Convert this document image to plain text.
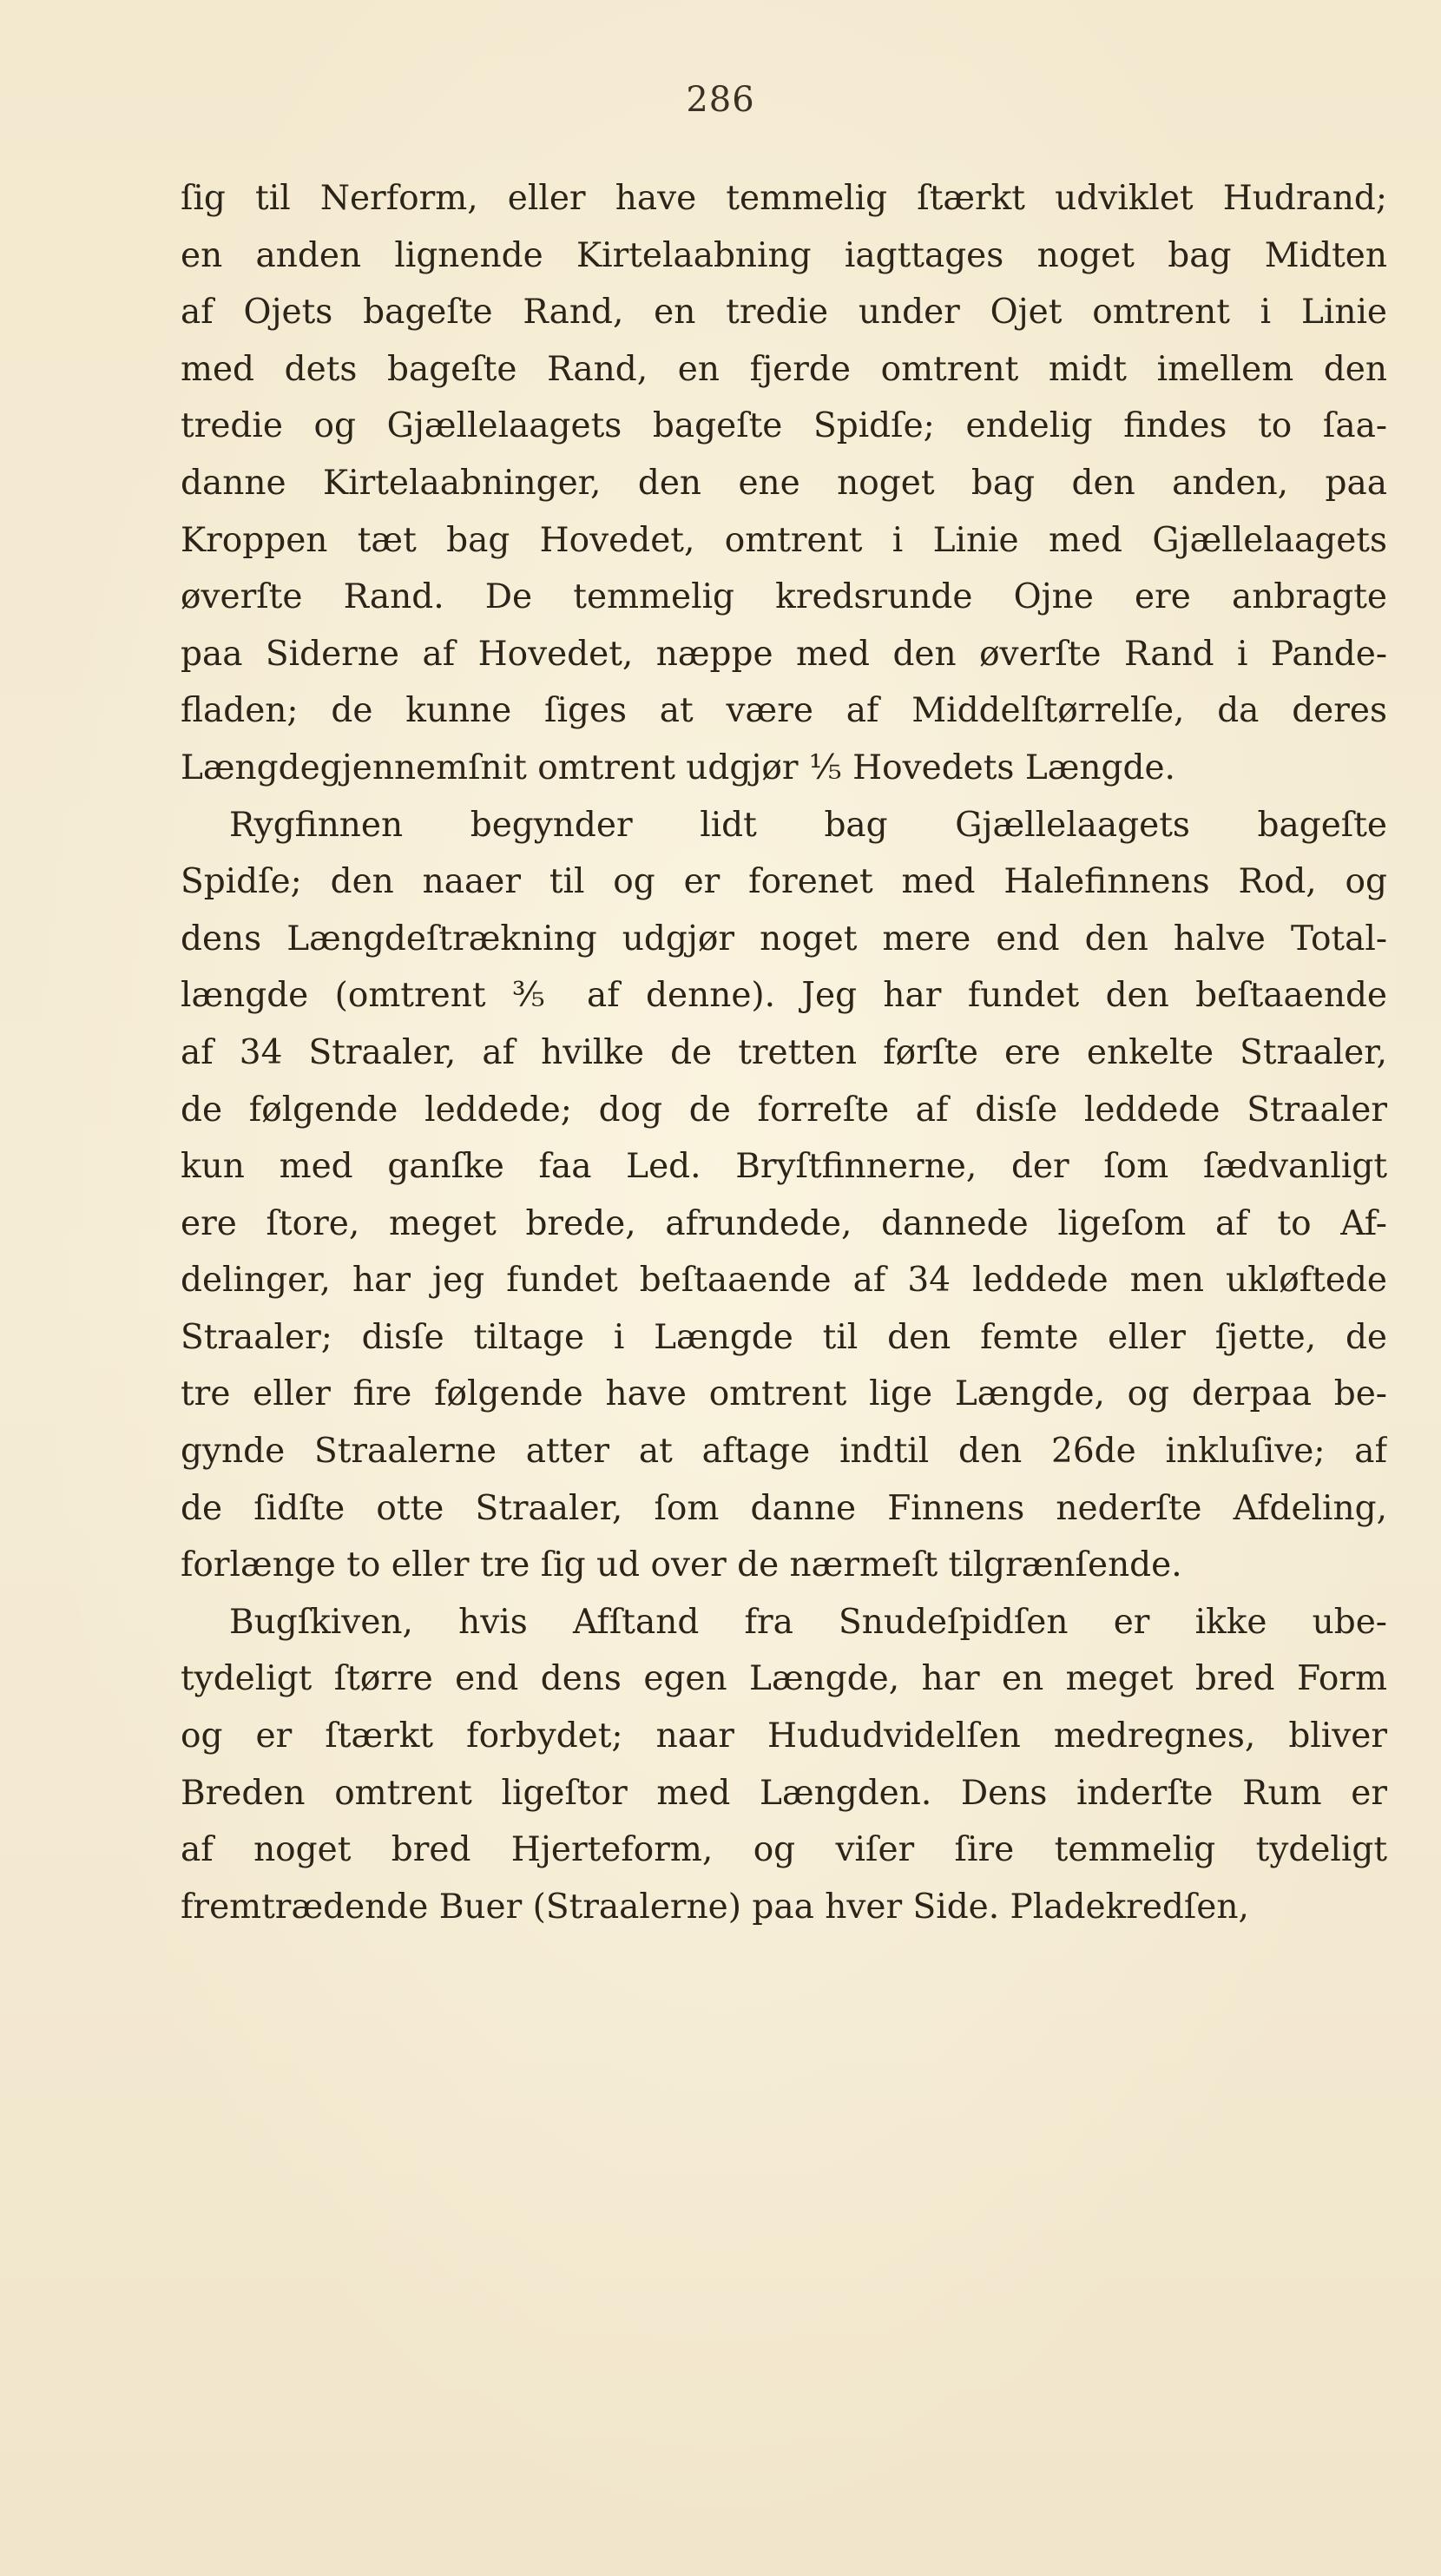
286
ſig til Nerform, eller have temmelig ſtærkt udviklet Hudrand;
en anden lignende Kirtelaabning iagttages noget bag Midten
af Ojets bageſte Rand, en tredie under Ojet omtrent i Linie
med dets bageſte Rand, en fjerde omtrent midt imellem den
tredie og Gjællelaagets bageſte Spidſe; endelig findes to ſaa-
danne Kirtelaabninger, den ene noget bag den anden, paa
Kroppen tæt bag Hovedet, omtrent i Linie med Gjællelaagets
øverſte Rand. De temmelig kredsrunde Ojne ere anbragte
paa Siderne af Hovedet, næppe med den øverſte Rand i Pande-
fladen; de kunne ſiges at være af Middelſtørrelſe, da deres
Længdegjennemſnit omtrent udgjør ⅕ Hovedets Længde.
Rygfinnen begynder lidt bag Gjællelaagets bageſte
Spidſe; den naaer til og er forenet med Halefinnens Rod, og
dens Længdeſtrækning udgjør noget mere end den halve Total-
længde (omtrent ⅗ af denne). Jeg har fundet den beſtaaende
af 34 Straaler, af hvilke de tretten førſte ere enkelte Straaler,
de følgende leddede; dog de forreſte af disſe leddede Straaler
kun med ganſke faa Led. Bryſtfinnerne, der ſom ſædvanligt
ere ſtore, meget brede, afrundede, dannede ligeſom af to Af-
delinger, har jeg fundet beſtaaende af 34 leddede men ukløftede
Straaler; disſe tiltage i Længde til den femte eller ſjette, de
tre eller fire følgende have omtrent lige Længde, og derpaa be-
gynde Straalerne atter at aftage indtil den 26de inkluſive; af
de ſidſte otte Straaler, ſom danne Finnens nederſte Afdeling,
forlænge to eller tre ſig ud over de nærmeſt tilgrænſende.
Bugſkiven, hvis Afſtand fra Snudeſpidſen er ikke ube-
tydeligt ſtørre end dens egen Længde, har en meget bred Form
og er ſtærkt forbydet; naar Hududvidelſen medregnes, bliver
Breden omtrent ligeſtor med Længden. Dens inderſte Rum er
af noget bred Hjerteform, og viſer ſire temmelig tydeligt
fremtrædende Buer (Straalerne) paa hver Side. Pladekredſen,
